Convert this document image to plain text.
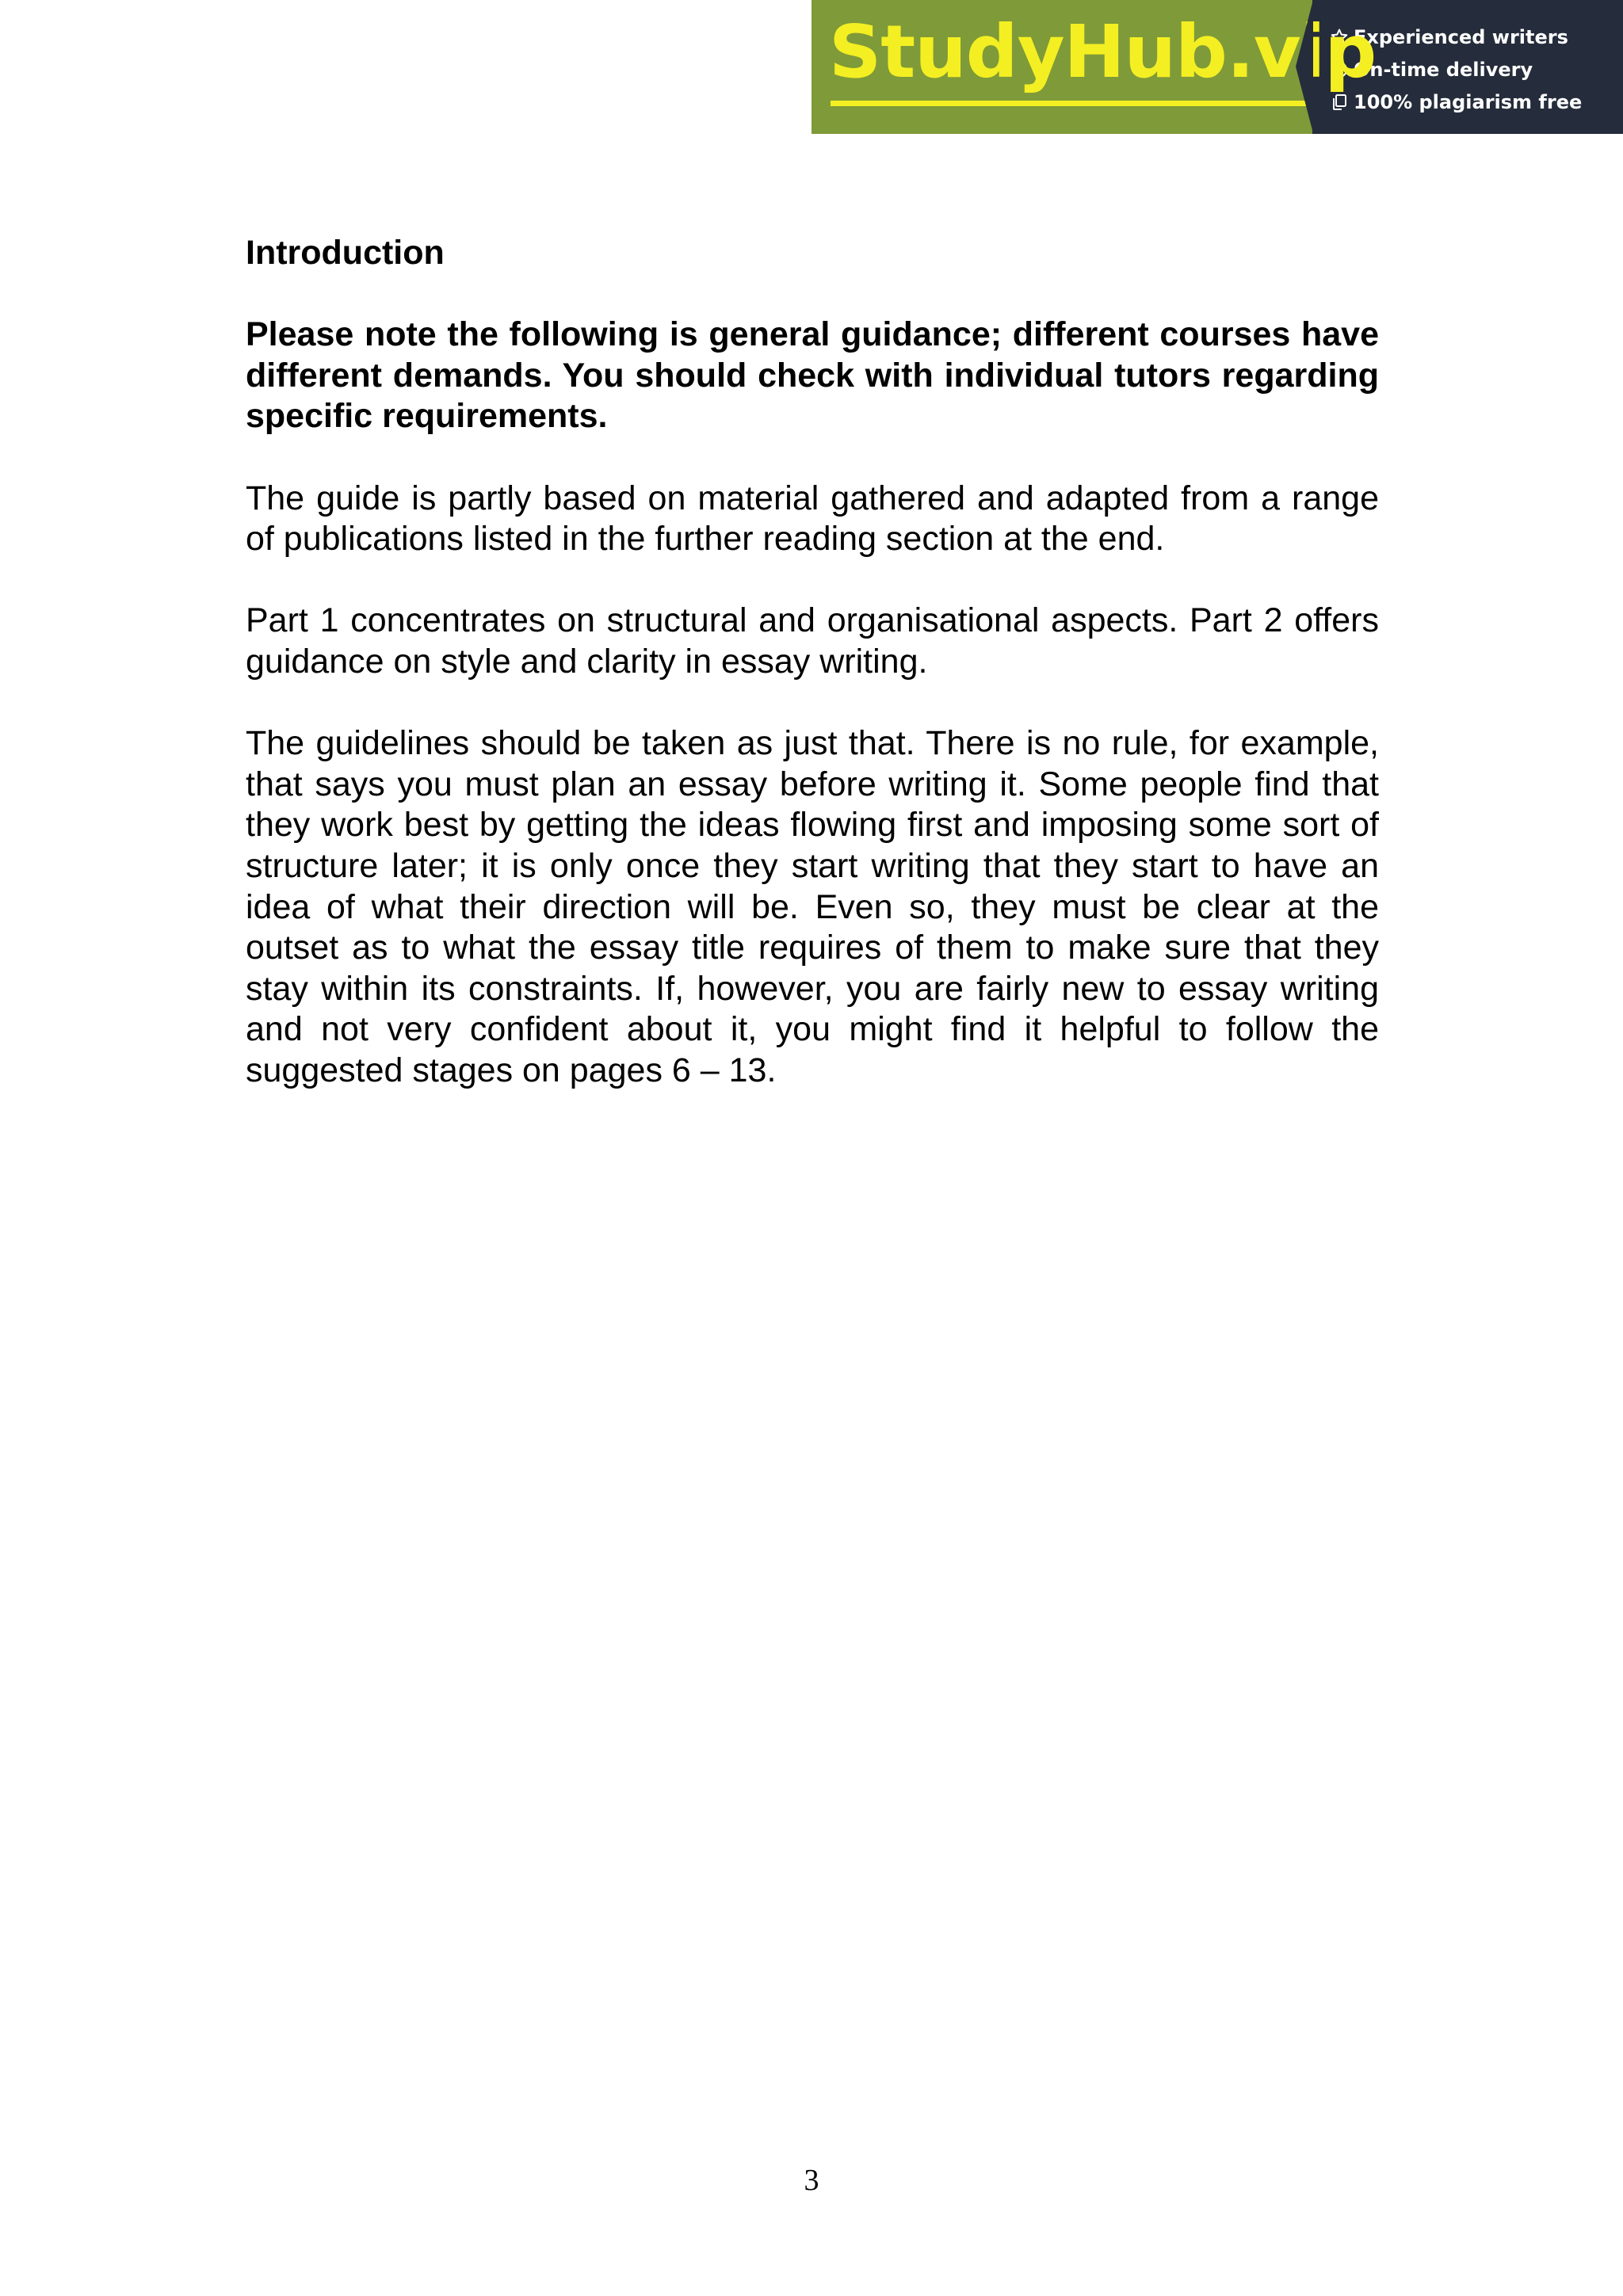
StudyHub.vip
Experienced writers
On-time delivery
100% plagiarism free
Introduction

Please note the following is general guidance; different courses have different demands. You should check with individual tutors regarding specific requirements.

The guide is partly based on material gathered and adapted from a range of publications listed in the further reading section at the end.

Part 1 concentrates on structural and organisational aspects. Part 2 offers guidance on style and clarity in essay writing.

The guidelines should be taken as just that. There is no rule, for example, that says you must plan an essay before writing it. Some people find that they work best by getting the ideas flowing first and imposing some sort of structure later; it is only once they start writing that they start to have an idea of what their direction will be. Even so, they must be clear at the outset as to what the essay title requires of them to make sure that they stay within its constraints. If, however, you are fairly new to essay writing and not very confident about it, you might find it helpful to follow the suggested stages on pages 6 – 13.

3
